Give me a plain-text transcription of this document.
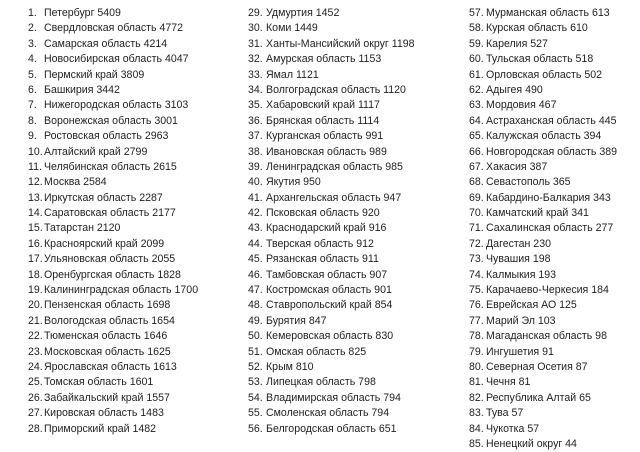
1. Петербург 5409
2. Свердловская область 4772
3. Самарская область 4214
4. Новосибирская область 4047
5. Пермский край 3809
6. Башкирия 3442
7. Нижегородская область 3103
8. Воронежская область 3001
9. Ростовская область 2963
10. Алтайский край 2799
11. Челябинская область 2615
12. Москва 2584
13. Иркутская область 2287
14. Саратовская область 2177
15. Татарстан 2120
16. Красноярский край 2099
17. Ульяновская область 2055
18. Оренбургская область 1828
19. Калининградская область 1700
20. Пензенская область 1698
21. Вологодская область 1654
22. Тюменская область 1646
23. Московская область 1625
24. Ярославская область 1613
25. Томская область 1601
26. Забайкальский край 1557
27. Кировская область 1483
28. Приморский край 1482
29. Удмуртия 1452
30. Коми 1449
31. Ханты-Мансийский округ 1198
32. Амурская область 1153
33. Ямал 1121
34. Волгоградская область 1120
35. Хабаровский край 1117
36. Брянская область 1114
37. Курганская область 991
38. Ивановская область 989
39. Ленинградская область 985
40. Якутия 950
41. Архангельская область 947
42. Псковская область 920
43. Краснодарский край 916
44. Тверская область 912
45. Рязанская область 911
46. Тамбовская область 907
47. Костромская область 901
48. Ставропольский край 854
49. Бурятия 847
50. Кемеровская область 830
51. Омская область 825
52. Крым 810
53. Липецкая область 798
54. Владимирская область 794
55. Смоленская область 794
56. Белгородская область 651
57. Мурманская область 613
58. Курская область 610
59. Карелия 527
60. Тульская область 518
61. Орловская область 502
62. Адыгея 490
63. Мордовия 467
64. Астраханская область 445
65. Калужская область 394
66. Новгородская область 389
67. Хакасия 387
68. Севастополь 365
69. Кабардино-Балкария 343
70. Камчатский край 341
71. Сахалинская область 277
72. Дагестан 230
73. Чувашия 198
74. Калмыкия 193
75. Карачаево-Черкесия 184
76. Еврейская АО 125
77. Марий Эл 103
78. Магаданская область 98
79. Ингушетия 91
80. Северная Осетия 87
81. Чечня 81
82. Республика Алтай 65
83. Тува 57
84. Чукотка 57
85. Ненецкий округ 44
